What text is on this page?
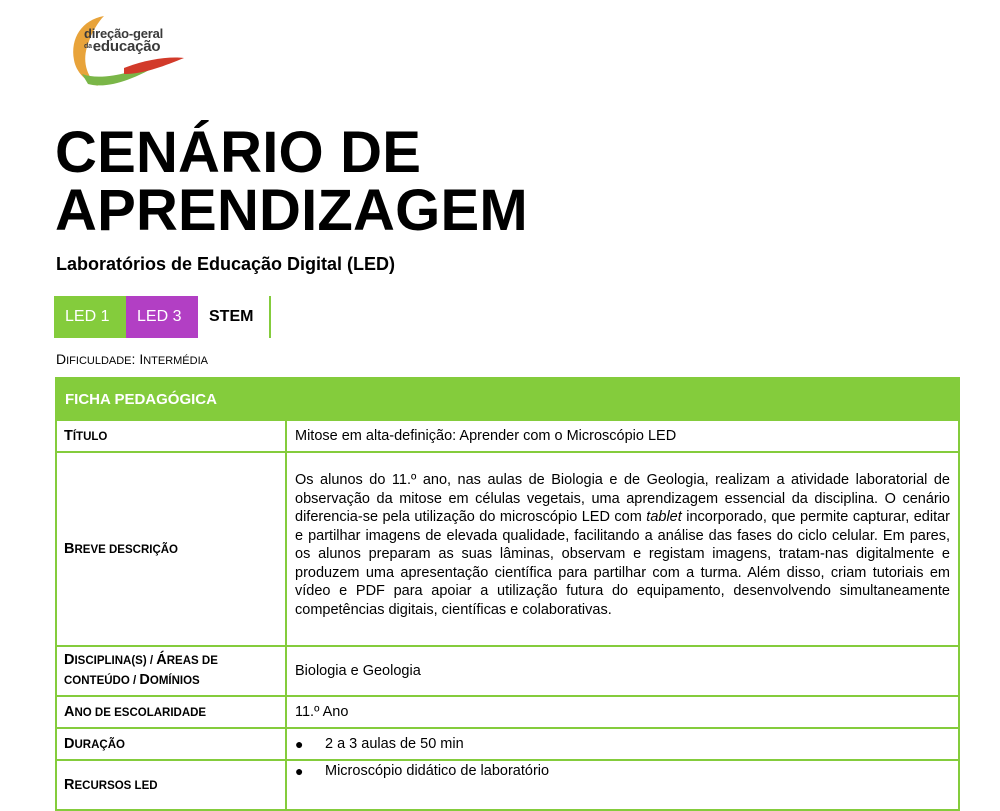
direção-geral
$^{da}$educação
CENÁRIO DE
APRENDIZAGEM
Laboratórios de Educação Digital (LED)
LED 1	LED 3	STEM
DIFICULDADE: INTERMÉDIA
FICHA PEDAGÓGICA	
TÍTULO	Mitose em alta-definição: Aprender com o Microscópio LED
BREVE DESCRIÇÃO	Os alunos do 11.º ano, nas aulas de Biologia e de Geologia, realizam a atividade laboratorial de observação da mitose em células vegetais, uma aprendizagem essencial da disciplina. O cenário diferencia-se pela utilização do microscópio LED com tablet incorporado, que permite capturar, editar e partilhar imagens de elevada qualidade, facilitando a análise das fases do ciclo celular. Em pares, os alunos preparam as suas lâminas, observam e registam imagens, tratam-nas digitalmente e produzem uma apresentação científica para partilhar com a turma. Além disso, criam tutoriais em vídeo e PDF para apoiar a utilização futura do equipamento, desenvolvendo simultaneamente competências digitais, científicas e colaborativas.
DISCIPLINA(S) / ÁREAS DE
CONTEÚDO / DOMÍNIOS	Biologia e Geologia
ANO DE ESCOLARIDADE	11.º Ano
DURAÇÃO	● 2 a 3 aulas de 50 min

RECURSOS LED	● Microscópio didático de laboratório
